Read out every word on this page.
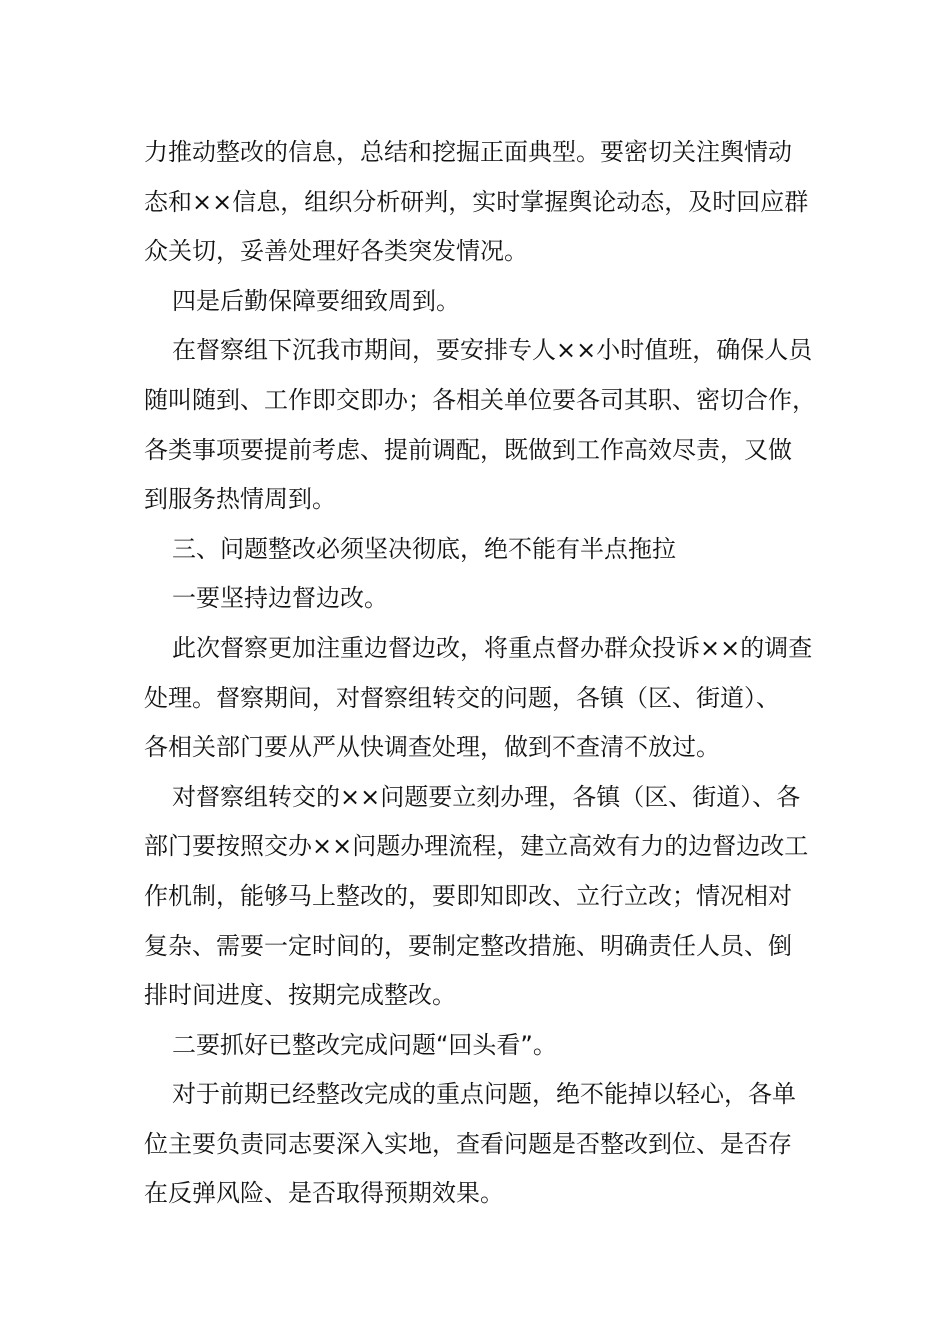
力推动整改的信息，总结和挖掘正面典型。要密切关注舆情动
态和××信息，组织分析研判，实时掌握舆论动态，及时回应群
众关切，妥善处理好各类突发情况。
四是后勤保障要细致周到。
在督察组下沉我市期间，要安排专人××小时值班，确保人员
随叫随到、工作即交即办；各相关单位要各司其职、密切合作，
各类事项要提前考虑、提前调配，既做到工作高效尽责，又做
到服务热情周到。
三、问题整改必须坚决彻底，绝不能有半点拖拉
一要坚持边督边改。
此次督察更加注重边督边改，将重点督办群众投诉××的调查
处理。督察期间，对督察组转交的问题，各镇（区、街道）、
各相关部门要从严从快调查处理，做到不查清不放过。
对督察组转交的××问题要立刻办理，各镇（区、街道）、各
部门要按照交办××问题办理流程，建立高效有力的边督边改工
作机制，能够马上整改的，要即知即改、立行立改；情况相对
复杂、需要一定时间的，要制定整改措施、明确责任人员、倒
排时间进度、按期完成整改。
二要抓好已整改完成问题“回头看”。
对于前期已经整改完成的重点问题，绝不能掉以轻心，各单
位主要负责同志要深入实地，查看问题是否整改到位、是否存
在反弹风险、是否取得预期效果。
